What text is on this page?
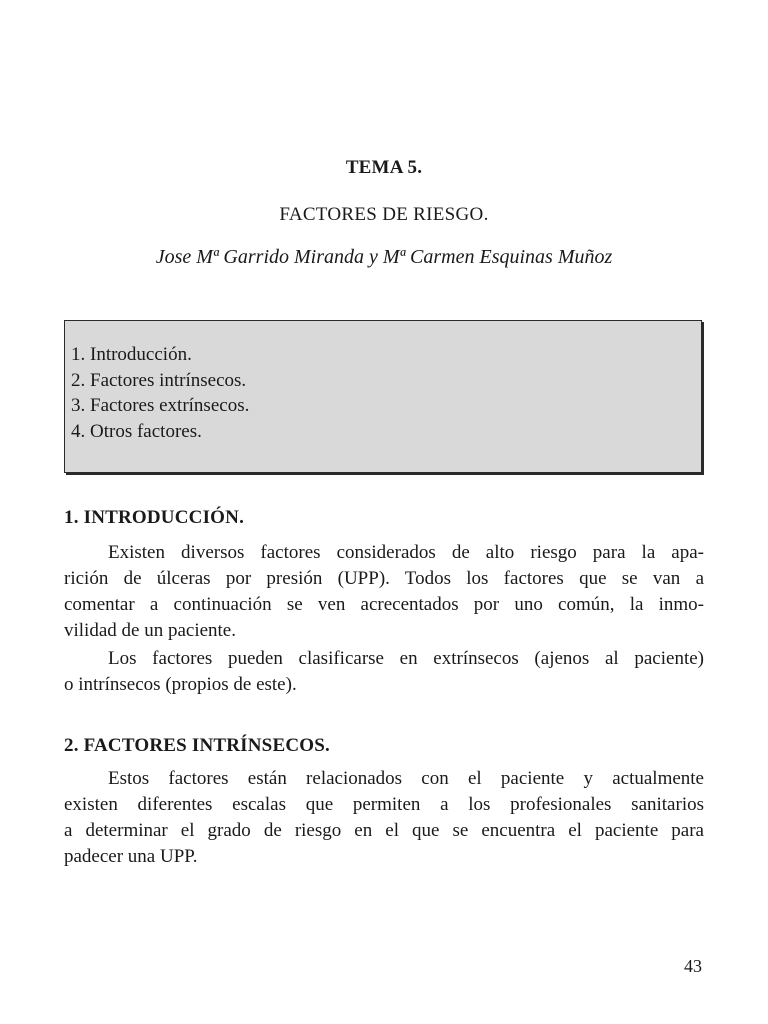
TEMA 5.
FACTORES DE RIESGO.
Jose Mª Garrido Miranda y Mª Carmen Esquinas Muñoz
1. Introducción.
2. Factores intrínsecos.
3. Factores extrínsecos.
4. Otros factores.
1. INTRODUCCIÓN.

Existen diversos factores considerados de alto riesgo para la apa-
rición de úlceras por presión (UPP). Todos los factores que se van a
comentar a continuación se ven acrecentados por uno común, la inmo-
vilidad de un paciente.

Los factores pueden clasificarse en extrínsecos (ajenos al paciente)
o intrínsecos (propios de este).

2. FACTORES INTRÍNSECOS.

Estos factores están relacionados con el paciente y actualmente
existen diferentes escalas que permiten a los profesionales sanitarios
a determinar el grado de riesgo en el que se encuentra el paciente para
padecer una UPP.

43
